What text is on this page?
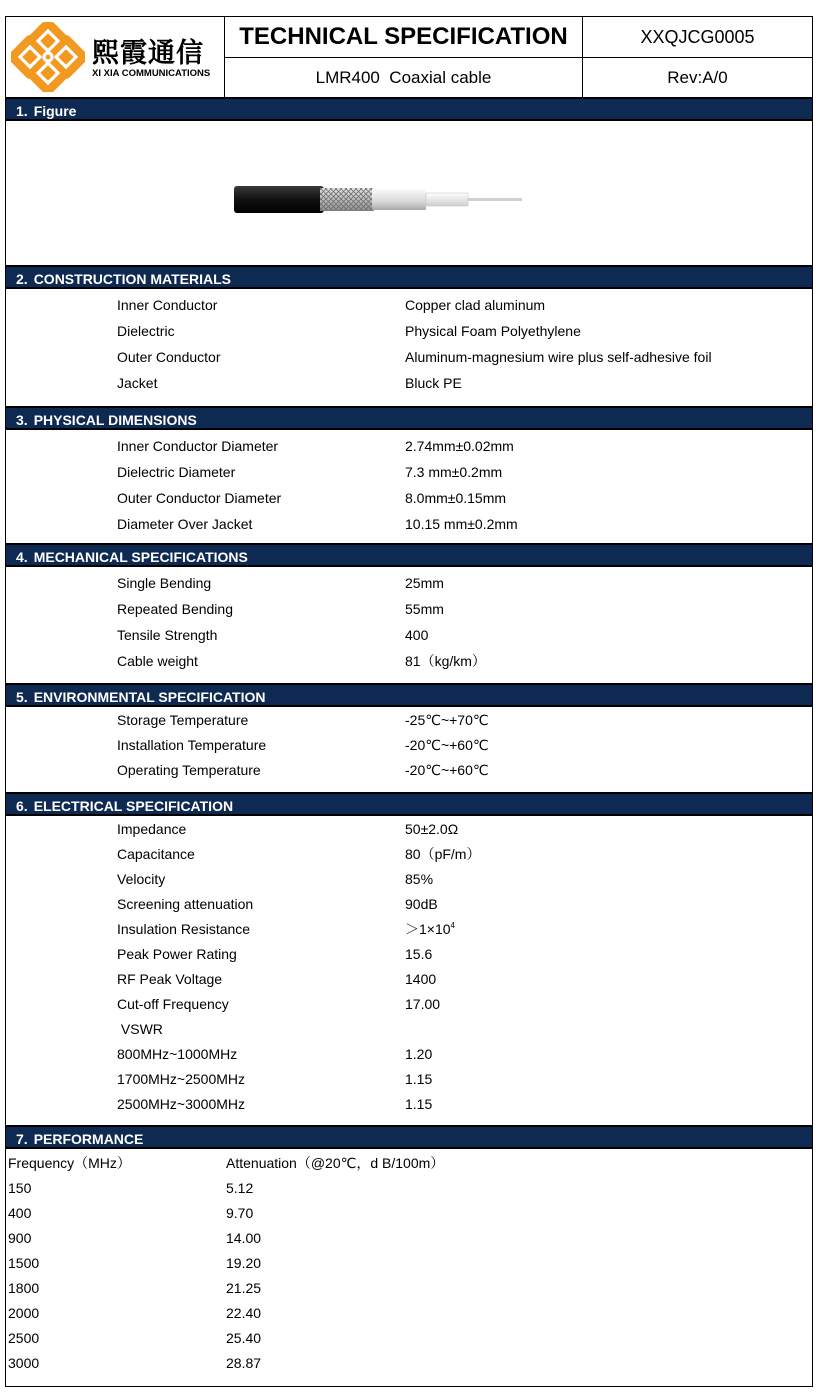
熙霞通信
XI XIA COMMUNICATIONS
TECHNICAL SPECIFICATION	XXQJCG0005
LMR400  Coaxial cable	Rev:A/0
1. Figure
2. CONSTRUCTION MATERIALS
Inner Conductor	Copper clad aluminum
Dielectric	Physical Foam Polyethylene
Outer Conductor	Aluminum-magnesium wire plus self-adhesive foil
Jacket	Bluck PE
3. PHYSICAL DIMENSIONS
Inner Conductor Diameter	2.74mm±0.02mm
Dielectric Diameter	7.3 mm±0.2mm
Outer Conductor Diameter	8.0mm±0.15mm
Diameter Over Jacket	10.15 mm±0.2mm
4. MECHANICAL SPECIFICATIONS
Single Bending	25mm
Repeated Bending	55mm
Tensile Strength	400
Cable weight	81（kg/km）
5. ENVIRONMENTAL SPECIFICATION
Storage Temperature	-25℃~+70℃
Installation Temperature	-20℃~+60℃
Operating Temperature	-20℃~+60℃
6. ELECTRICAL SPECIFICATION
Impedance	50±2.0Ω
Capacitance	80（pF/m）
Velocity	85%
Screening attenuation	90dB
Insulation Resistance	$>1\times 10^4$
Peak Power Rating	15.6
RF Peak Voltage	1400
Cut-off Frequency	17.00
VSWR
800MHz~1000MHz	1.20
1700MHz~2500MHz	1.15
2500MHz~3000MHz	1.15
7. PERFORMANCE
Frequency（MHz）	Attenuation（@20℃，d B/100m）
150	5.12
400	9.70
900	14.00
1500	19.20
1800	21.25
2000	22.40
2500	25.40
3000	28.87
